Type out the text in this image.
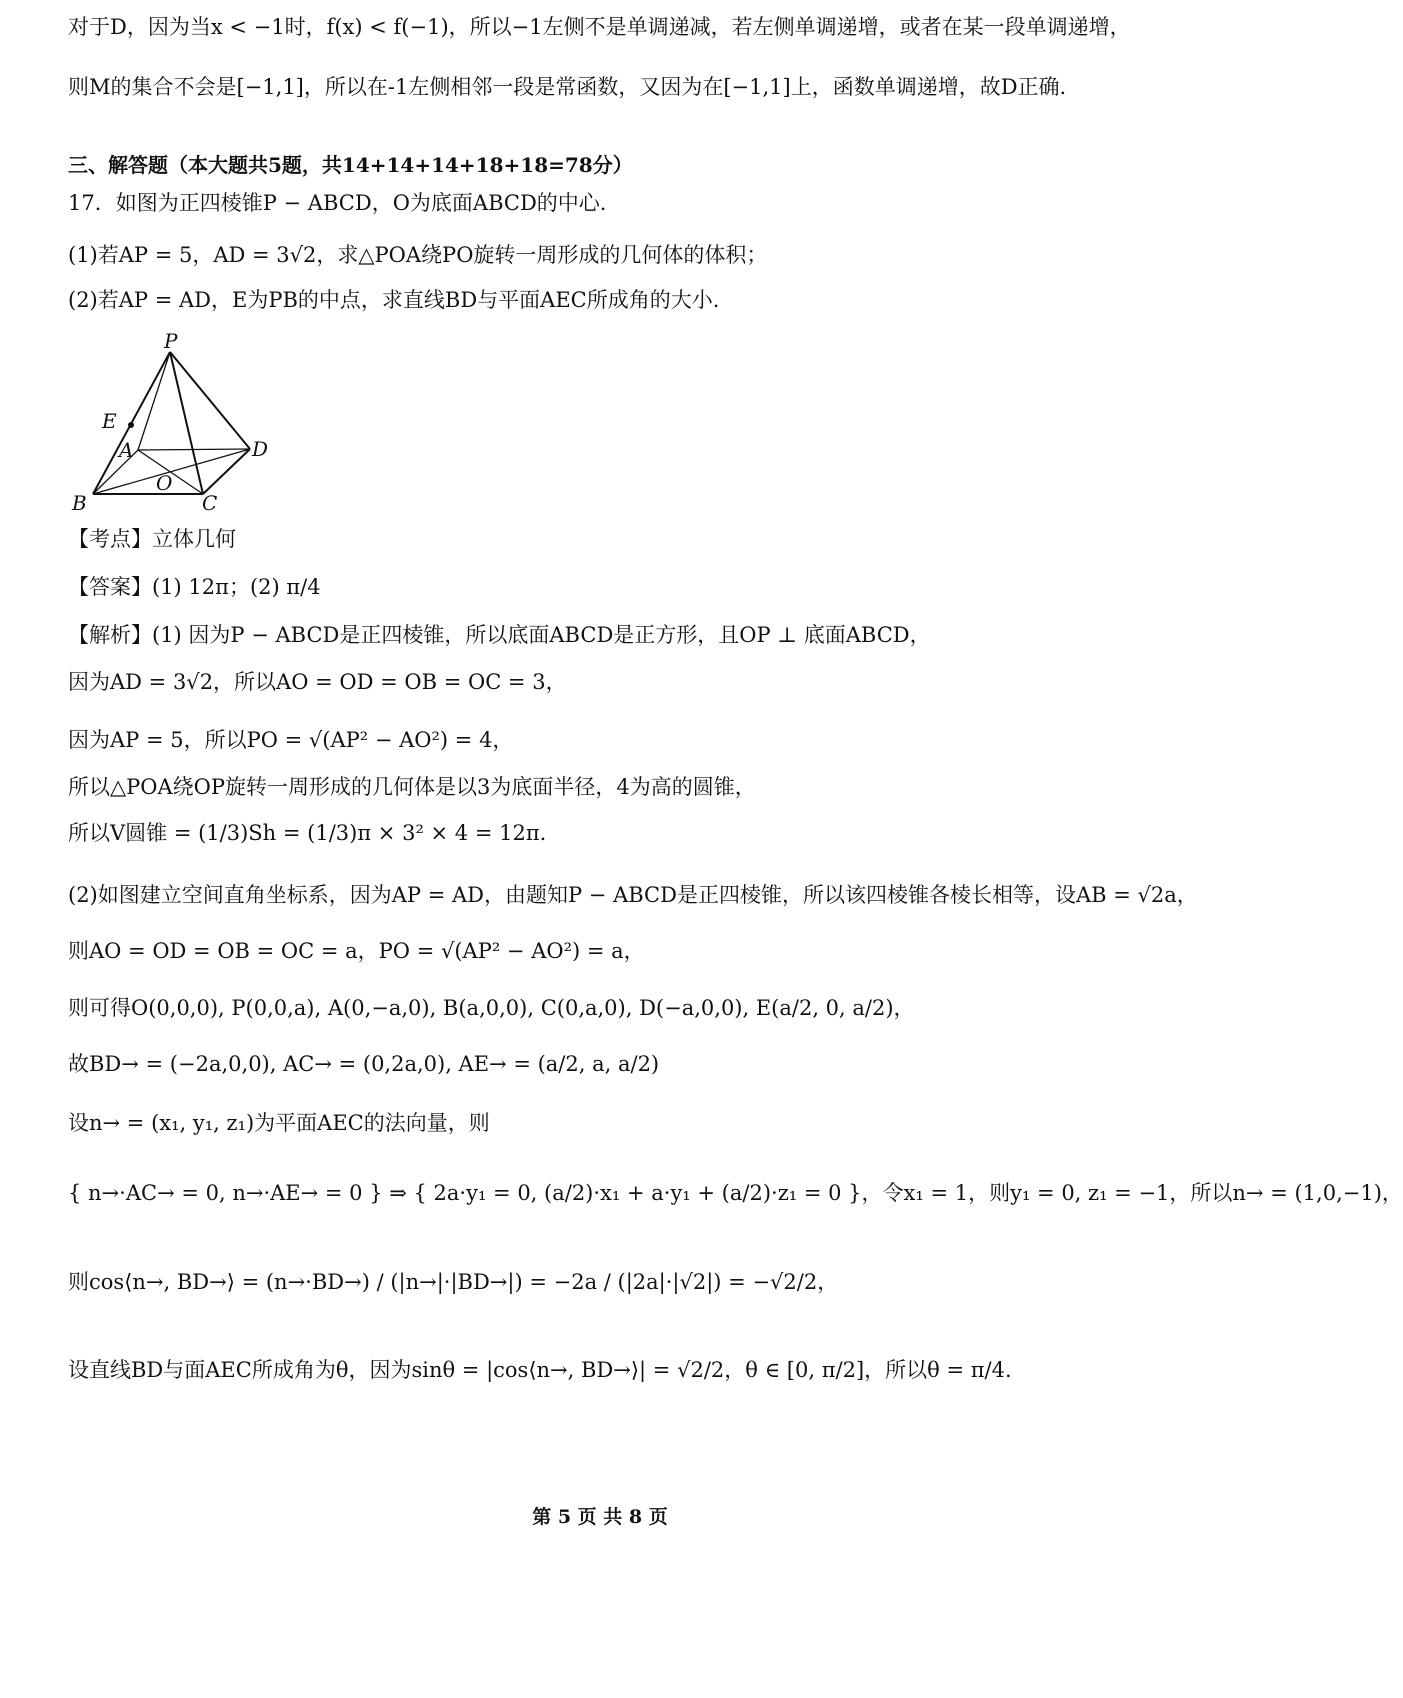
对于D，因为当x < −1时，f(x) < f(−1)，所以−1左侧不是单调递减，若左侧单调递增，或者在某一段单调递增，
则M的集合不会是[−1,1]，所以在-1左侧相邻一段是常函数，又因为在[−1,1]上，函数单调递增，故D正确.
三、解答题（本大题共5题，共14+14+14+18+18=78分）
17．如图为正四棱锥P − ABCD，O为底面ABCD的中心.
(1)若AP = 5，AD = 3√2，求△POA绕PO旋转一周形成的几何体的体积；
(2)若AP = AD，E为PB的中点，求直线BD与平面AEC所成角的大小.
P
E
A	D
O
B	C
【考点】立体几何
【答案】(1) 12π；(2) π/4
【解析】(1) 因为P − ABCD是正四棱锥，所以底面ABCD是正方形，且OP ⊥ 底面ABCD，
因为AD = 3√2，所以AO = OD = OB = OC = 3，
因为AP = 5，所以PO = √(AP² − AO²) = 4，
所以△POA绕OP旋转一周形成的几何体是以3为底面半径，4为高的圆锥，
所以V圆锥 = (1/3)Sh = (1/3)π × 3² × 4 = 12π.
(2)如图建立空间直角坐标系，因为AP = AD，由题知P − ABCD是正四棱锥，所以该四棱锥各棱长相等，设AB = √2a，
则AO = OD = OB = OC = a，PO = √(AP² − AO²) = a，
则可得O(0,0,0), P(0,0,a), A(0,−a,0), B(a,0,0), C(0,a,0), D(−a,0,0), E(a/2, 0, a/2)，
故BD→ = (−2a,0,0), AC→ = (0,2a,0), AE→ = (a/2, a, a/2)
设n→ = (x₁, y₁, z₁)为平面AEC的法向量，则
{ n→·AC→ = 0, n→·AE→ = 0 } ⇒ { 2a·y₁ = 0, (a/2)·x₁ + a·y₁ + (a/2)·z₁ = 0 }，令x₁ = 1，则y₁ = 0, z₁ = −1，所以n→ = (1,0,−1)，
则cos⟨n→, BD→⟩ = (n→·BD→) / (|n→|·|BD→|) = −2a / (|2a|·|√2|) = −√2/2，
设直线BD与面AEC所成角为θ，因为sinθ = |cos⟨n→, BD→⟩| = √2/2，θ ∈ [0, π/2]，所以θ = π/4.
第 5 页 共 8 页
